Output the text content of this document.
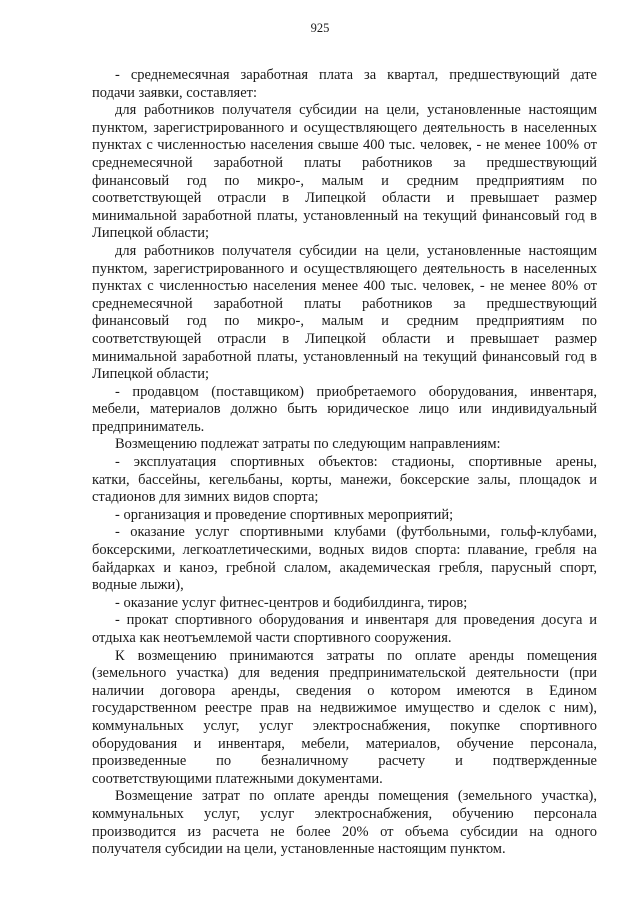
925
- среднемесячная заработная плата за квартал, предшествующий дате
подачи заявки, составляет:
для работников получателя субсидии на цели, установленные настоящим
пунктом, зарегистрированного и осуществляющего деятельность в населенных
пунктах с численностью населения свыше 400 тыс. человек, - не менее 100% от
среднемесячной заработной платы работников за предшествующий
финансовый год по микро-, малым и средним предприятиям по
соответствующей отрасли в Липецкой области и превышает размер
минимальной заработной платы, установленный на текущий финансовый год в
Липецкой области;
для работников получателя субсидии на цели, установленные настоящим
пунктом, зарегистрированного и осуществляющего деятельность в населенных
пунктах с численностью населения менее 400 тыс. человек, - не менее 80% от
среднемесячной заработной платы работников за предшествующий
финансовый год по микро-, малым и средним предприятиям по
соответствующей отрасли в Липецкой области и превышает размер
минимальной заработной платы, установленный на текущий финансовый год в
Липецкой области;
- продавцом (поставщиком) приобретаемого оборудования, инвентаря,
мебели, материалов должно быть юридическое лицо или индивидуальный
предприниматель.
Возмещению подлежат затраты по следующим направлениям:
- эксплуатация спортивных объектов: стадионы, спортивные арены,
катки, бассейны, кегельбаны, корты, манежи, боксерские залы, площадок и
стадионов для зимних видов спорта;
- организация и проведение спортивных мероприятий;
- оказание услуг спортивными клубами (футбольными, гольф-клубами,
боксерскими, легкоатлетическими, водных видов спорта: плавание, гребля на
байдарках и каноэ, гребной слалом, академическая гребля, парусный спорт,
водные лыжи),
- оказание услуг фитнес-центров и бодибилдинга, тиров;
- прокат спортивного оборудования и инвентаря для проведения досуга и
отдыха как неотъемлемой части спортивного сооружения.
К возмещению принимаются затраты по оплате аренды помещения
(земельного участка) для ведения предпринимательской деятельности (при
наличии договора аренды, сведения о котором имеются в Едином
государственном реестре прав на недвижимое имущество и сделок с ним),
коммунальных услуг, услуг электроснабжения, покупке спортивного
оборудования и инвентаря, мебели, материалов, обучение персонала,
произведенные по безналичному расчету и подтвержденные
соответствующими платежными документами.
Возмещение затрат по оплате аренды помещения (земельного участка),
коммунальных услуг, услуг электроснабжения, обучению персонала
производится из расчета не более 20% от объема субсидии на одного
получателя субсидии на цели, установленные настоящим пунктом.
